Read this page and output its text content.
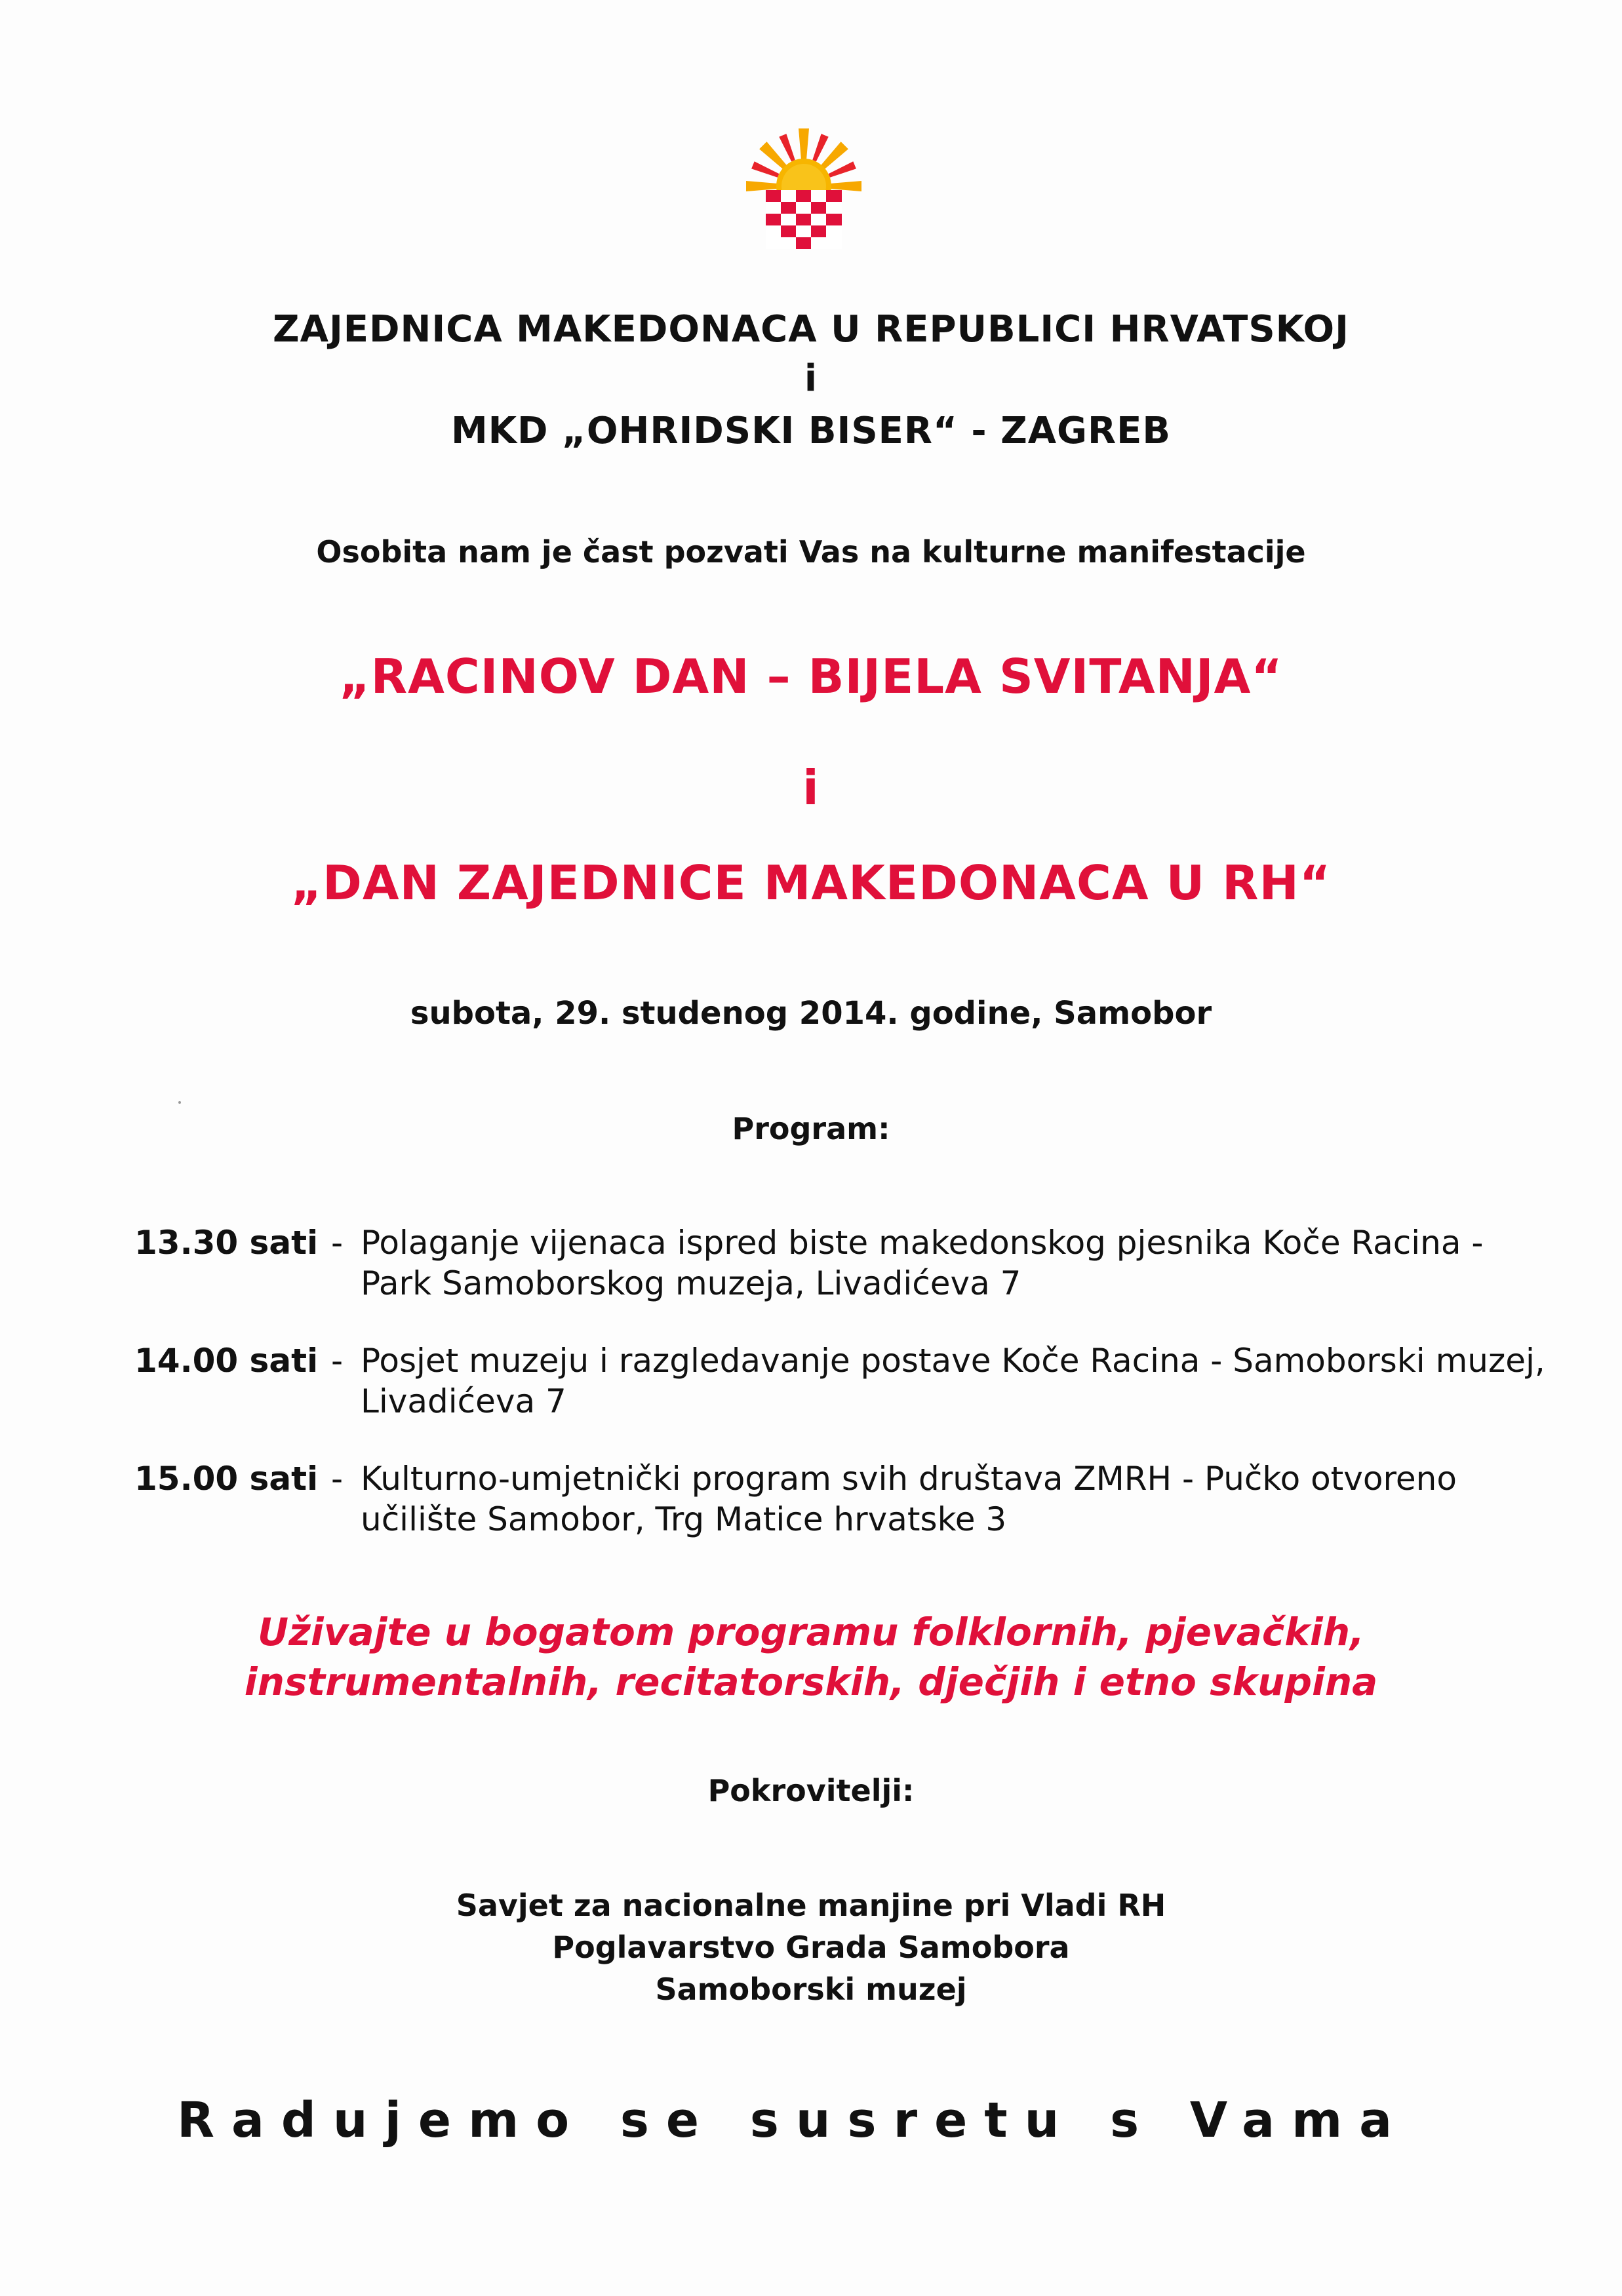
ZAJEDNICA MAKEDONACA U REPUBLICI HRVATSKOJ
i
MKD „OHRIDSKI BISER“ - ZAGREB
Osobita nam je čast pozvati Vas na kulturne manifestacije
„RACINOV DAN – BIJELA SVITANJA“
i
„DAN ZAJEDNICE MAKEDONACA U RH“
subota, 29. studenog 2014. godine, Samobor
Program:
13.30 sati - Polaganje vijenaca ispred biste makedonskog pjesnika Koče Racina - Park Samoborskog muzeja, Livadićeva 7
14.00 sati - Posjet muzeju i razgledavanje postave Koče Racina - Samoborski muzej, Livadićeva 7
15.00 sati - Kulturno-umjetnički program svih društava ZMRH - Pučko otvoreno učilište Samobor, Trg Matice hrvatske 3
Uživajte u bogatom programu folklornih, pjevačkih,
instrumentalnih, recitatorskih, dječjih i etno skupina
Pokrovitelji:
Savjet za nacionalne manjine pri Vladi RH
Poglavarstvo Grada Samobora
Samoborski muzej
Radujemo se susretu s Vama
